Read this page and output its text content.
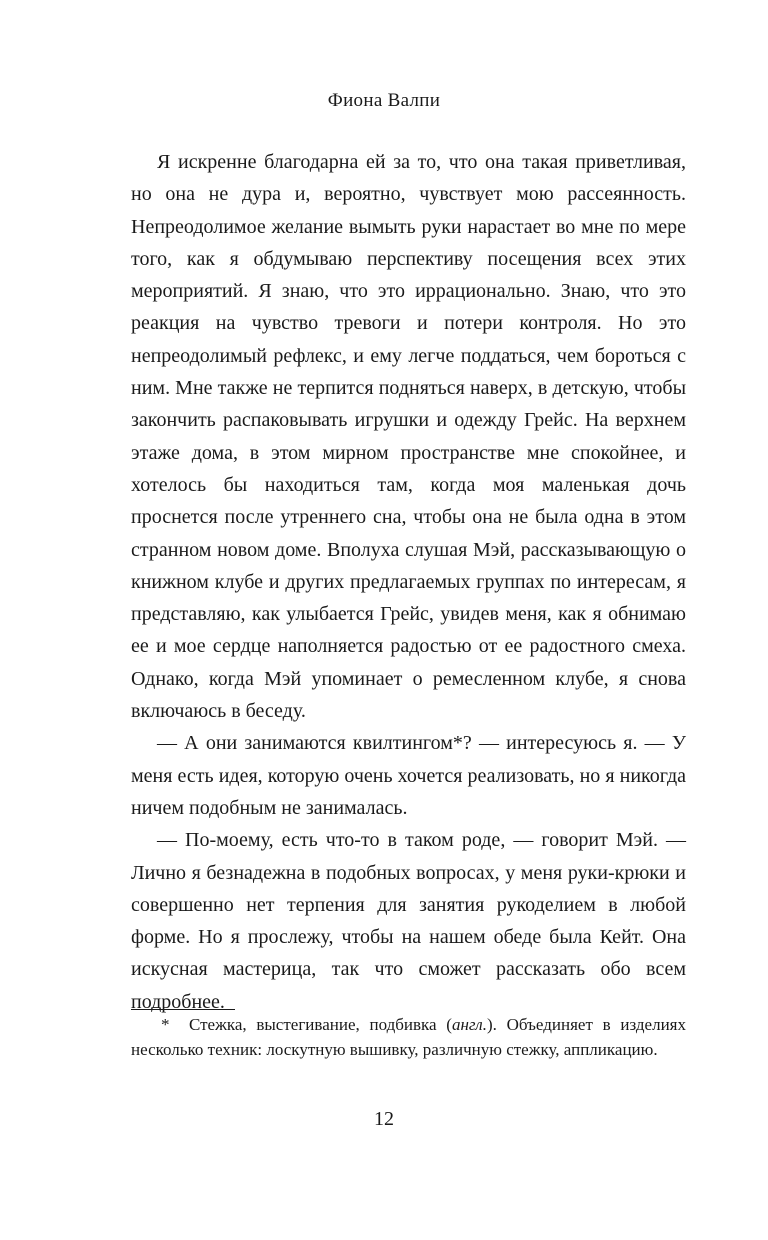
Фиона Валпи

Я искренне благодарна ей за то, что она такая приветливая, но она не дура и, вероятно, чувствует мою рассеянность. Непреодолимое желание вымыть руки нарастает во мне по мере того, как я обдумываю перспективу посещения всех этих мероприятий. Я знаю, что это иррационально. Знаю, что это реакция на чувство тревоги и потери контроля. Но это непреодолимый рефлекс, и ему легче поддаться, чем бороться с ним. Мне также не терпится подняться наверх, в детскую, чтобы закончить распаковывать игрушки и одежду Грейс. На верхнем этаже дома, в этом мирном пространстве мне спокойнее, и хотелось бы находиться там, когда моя маленькая дочь проснется после утреннего сна, чтобы она не была одна в этом странном новом доме. Вполуха слушая Мэй, рассказывающую о книжном клубе и других предлагаемых группах по интересам, я представляю, как улыбается Грейс, увидев меня, как я обнимаю ее и мое сердце наполняется радостью от ее радостного смеха. Однако, когда Мэй упоминает о ремесленном клубе, я снова включаюсь в беседу.

— А они занимаются квилтингом*? — интересуюсь я. — У меня есть идея, которую очень хочется реализовать, но я никогда ничем подобным не занималась.

— По-моему, есть что-то в таком роде, — говорит Мэй. — Лично я безнадежна в подобных вопросах, у меня руки-крюки и совершенно нет терпения для занятия рукоделием в любой форме. Но я прослежу, чтобы на нашем обеде была Кейт. Она искусная мастерица, так что сможет рассказать обо всем подробнее.

* Стежка, выстегивание, подбивка (англ.). Объединяет в изделиях несколько техник: лоскутную вышивку, различную стежку, аппликацию.

12
